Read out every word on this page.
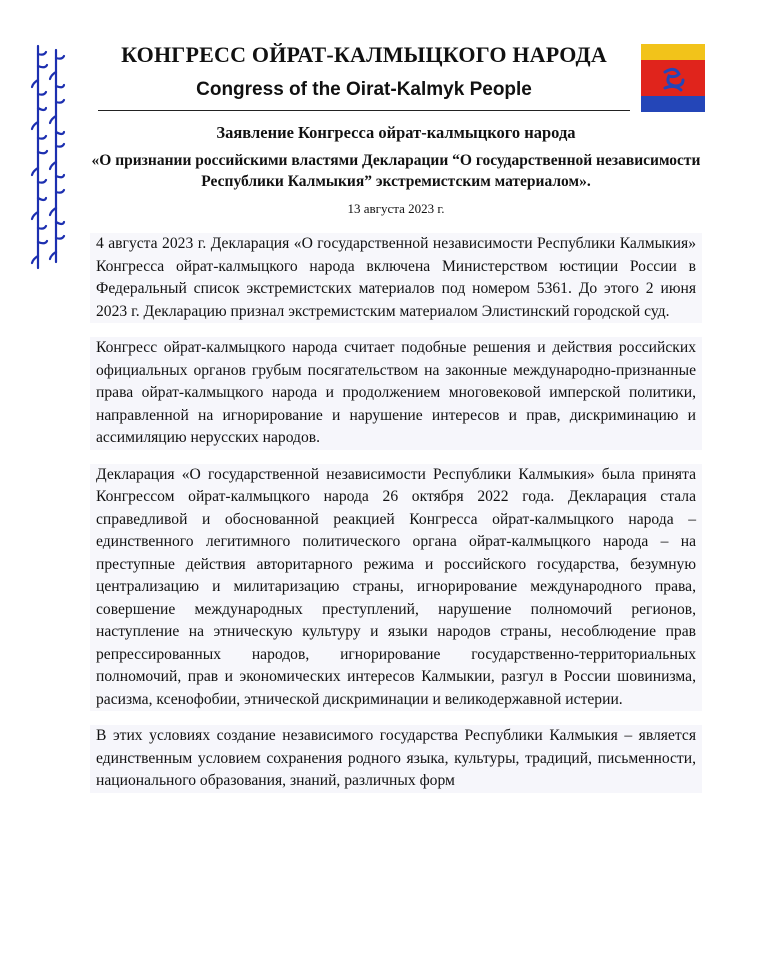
КОНГРЕСС ОЙРАТ-КАЛМЫЦКОГО НАРОДА
Congress of the Oirat-Kalmyk People
Заявление Конгресса ойрат-калмыцкого народа
«О признании российскими властями Декларации “О государственной независимости Республики Калмыкия” экстремистским материалом».
13 августа 2023 г.

4 августа 2023 г. Декларация «О государственной независимости Республики Калмыкия» Конгресса ойрат-калмыцкого народа включена Министерством юстиции России в Федеральный список экстремистских материалов под номером 5361. До этого 2 июня 2023 г. Декларацию признал экстремистским материалом Элистинский городской суд.

Конгресс ойрат-калмыцкого народа считает подобные решения и действия российских официальных органов грубым посягательством на законные международно-признанные права ойрат-калмыцкого народа и продолжением многовековой имперской политики, направленной на игнорирование и нарушение интересов и прав, дискриминацию и ассимиляцию нерусских народов.

Декларация «О государственной независимости Республики Калмыкия» была принята Конгрессом ойрат-калмыцкого народа 26 октября 2022 года. Декларация стала справедливой и обоснованной реакцией Конгресса ойрат-калмыцкого народа – единственного легитимного политического органа ойрат-калмыцкого народа – на преступные действия авторитарного режима и российского государства, безумную централизацию и милитаризацию страны, игнорирование международного права, совершение международных преступлений, нарушение полномочий регионов, наступление на этническую культуру и языки народов страны, несоблюдение прав репрессированных народов, игнорирование государственно-территориальных полномочий, прав и экономических интересов Калмыкии, разгул в России шовинизма, расизма, ксенофобии, этнической дискриминации и великодержавной истерии.

В этих условиях создание независимого государства Республики Калмыкия – является единственным условием сохранения родного языка, культуры, традиций, письменности, национального образования, знаний, различных форм
